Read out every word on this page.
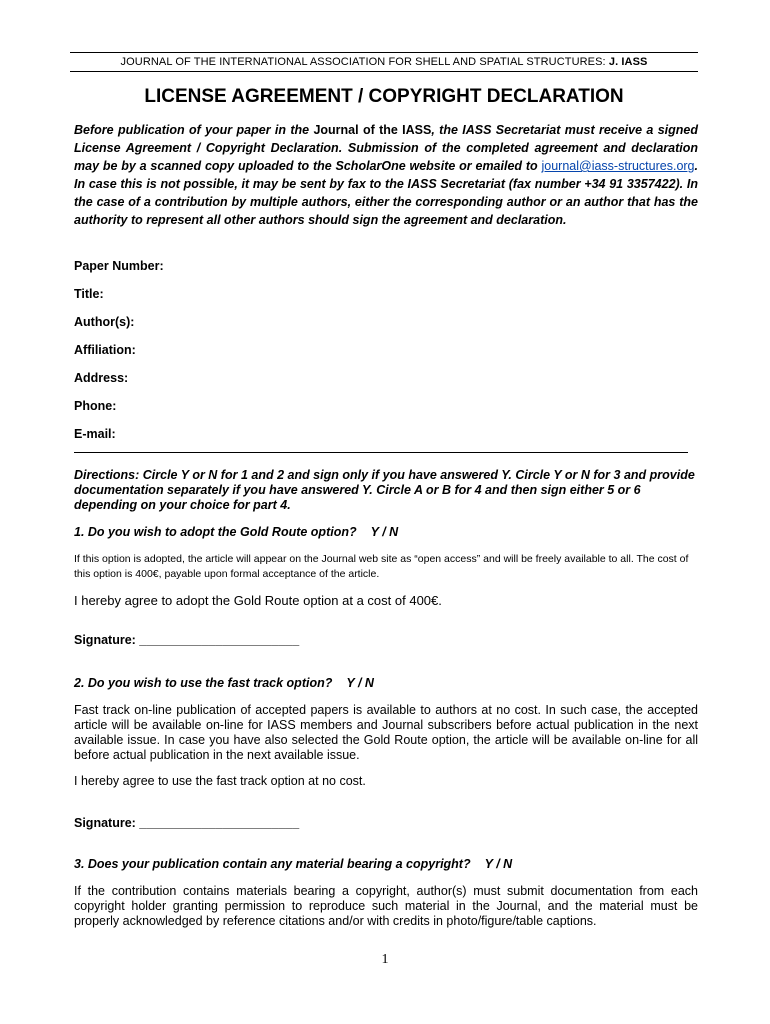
JOURNAL OF THE INTERNATIONAL ASSOCIATION FOR SHELL AND SPATIAL STRUCTURES: J. IASS
LICENSE AGREEMENT / COPYRIGHT DECLARATION
Before publication of your paper in the Journal of the IASS, the IASS Secretariat must receive a signed License Agreement / Copyright Declaration. Submission of the completed agreement and declaration may be by a scanned copy uploaded to the ScholarOne website or emailed to journal@iass-structures.org. In case this is not possible, it may be sent by fax to the IASS Secretariat (fax number +34 91 3357422). In the case of a contribution by multiple authors, either the corresponding author or an author that has the authority to represent all other authors should sign the agreement and declaration.
Paper Number:
Title:
Author(s):
Affiliation:
Address:
Phone:
E-mail:
Directions: Circle Y or N for 1 and 2 and sign only if you have answered Y. Circle Y or N for 3 and provide documentation separately if you have answered Y. Circle A or B for 4 and then sign either 5 or 6 depending on your choice for part 4.
1. Do you wish to adopt the Gold Route option? Y / N
If this option is adopted, the article will appear on the Journal web site as “open access” and will be freely available to all. The cost of this option is 400€, payable upon formal acceptance of the article.
I hereby agree to adopt the Gold Route option at a cost of 400€.
Signature: _______________________
2. Do you wish to use the fast track option? Y / N
Fast track on-line publication of accepted papers is available to authors at no cost. In such case, the accepted article will be available on-line for IASS members and Journal subscribers before actual publication in the next available issue. In case you have also selected the Gold Route option, the article will be available on-line for all before actual publication in the next available issue.
I hereby agree to use the fast track option at no cost.
Signature: _______________________
3. Does your publication contain any material bearing a copyright? Y / N
If the contribution contains materials bearing a copyright, author(s) must submit documentation from each copyright holder granting permission to reproduce such material in the Journal, and the material must be properly acknowledged by reference citations and/or with credits in photo/figure/table captions.
1
